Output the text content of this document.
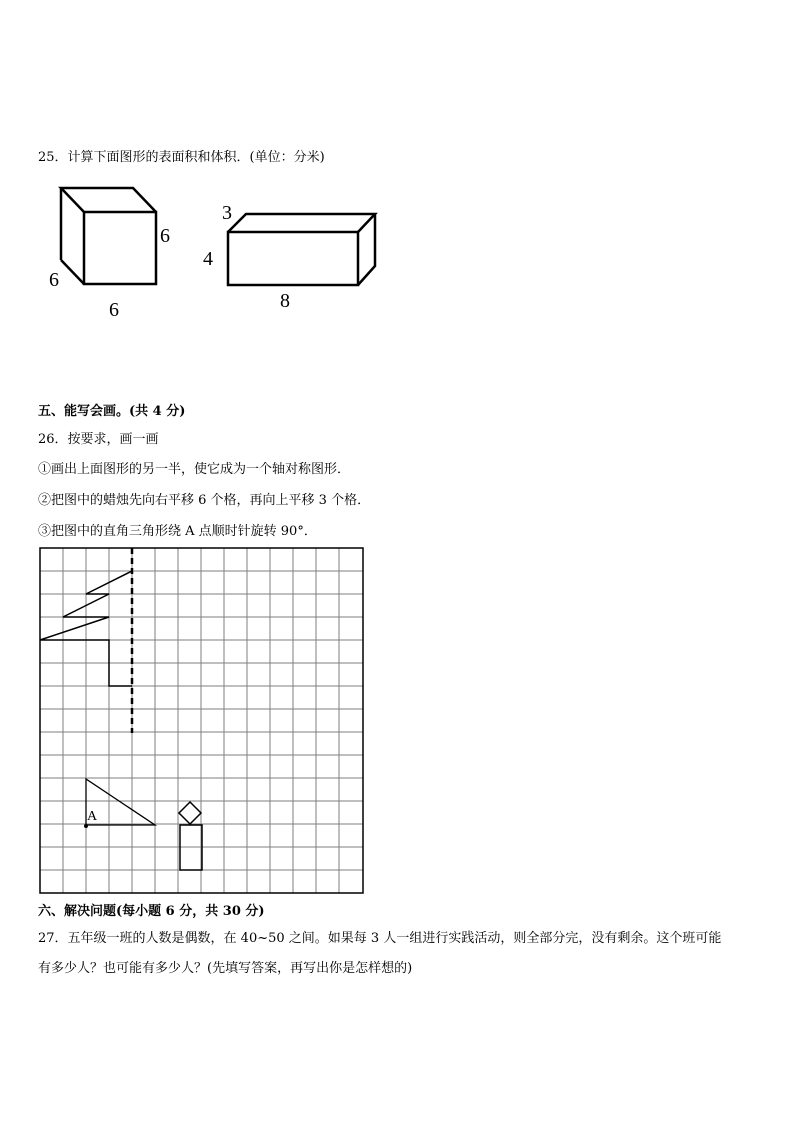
25．计算下面图形的表面积和体积．(单位：分米)
6
6
6
3
4
8
五、能写会画。(共 4 分)
26．按要求，画一画
①画出上面图形的另一半，使它成为一个轴对称图形．
②把图中的蜡烛先向右平移 6 个格，再向上平移 3 个格．
③把图中的直角三角形绕 A 点顺时针旋转 90°．
A
六、解决问题(每小题 6 分，共 30 分)
27．五年级一班的人数是偶数，在 40~50 之间。如果每 3 人一组进行实践活动，则全部分完，没有剩余。这个班可能
有多少人？也可能有多少人？(先填写答案，再写出你是怎样想的)
